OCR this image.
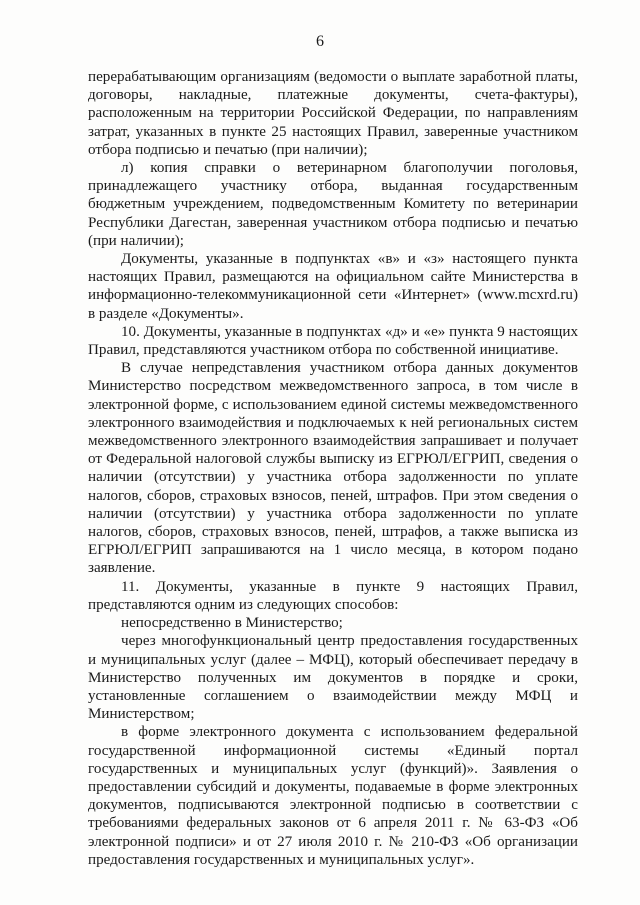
6

перерабатывающим организациям (ведомости о выплате заработной платы, договоры, накладные, платежные документы, счета-фактуры), расположенным на территории Российской Федерации, по направлениям затрат, указанных в пункте 25 настоящих Правил, заверенные участником отбора подписью и печатью (при наличии);

л) копия справки о ветеринарном благополучии поголовья, принадлежащего участнику отбора, выданная государственным бюджетным учреждением, подведомственным Комитету по ветеринарии Республики Дагестан, заверенная участником отбора подписью и печатью (при наличии);

Документы, указанные в подпунктах «в» и «з» настоящего пункта настоящих Правил, размещаются на официальном сайте Министерства в информационно-телекоммуникационной сети «Интернет» (www.mcxrd.ru) в разделе «Документы».

10. Документы, указанные в подпунктах «д» и «е» пункта 9 настоящих Правил, представляются участником отбора по собственной инициативе.

В случае непредставления участником отбора данных документов Министерство посредством межведомственного запроса, в том числе в электронной форме, с использованием единой системы межведомственного электронного взаимодействия и подключаемых к ней региональных систем межведомственного электронного взаимодействия запрашивает и получает от Федеральной налоговой службы выписку из ЕГРЮЛ/ЕГРИП, сведения о наличии (отсутствии) у участника отбора задолженности по уплате налогов, сборов, страховых взносов, пеней, штрафов. При этом сведения о наличии (отсутствии) у участника отбора задолженности по уплате налогов, сборов, страховых взносов, пеней, штрафов, а также выписка из ЕГРЮЛ/ЕГРИП запрашиваются на 1 число месяца, в котором подано заявление.

11. Документы, указанные в пункте 9 настоящих Правил, представляются одним из следующих способов:

непосредственно в Министерство;

через многофункциональный центр предоставления государственных и муниципальных услуг (далее – МФЦ), который обеспечивает передачу в Министерство полученных им документов в порядке и сроки, установленные соглашением о взаимодействии между МФЦ и Министерством;

в форме электронного документа с использованием федеральной государственной информационной системы «Единый портал государственных и муниципальных услуг (функций)». Заявления о предоставлении субсидий и документы, подаваемые в форме электронных документов, подписываются электронной подписью в соответствии с требованиями федеральных законов от 6 апреля 2011 г. № 63-ФЗ «Об электронной подписи» и от 27 июля 2010 г. № 210-ФЗ «Об организации предоставления государственных и муниципальных услуг».
